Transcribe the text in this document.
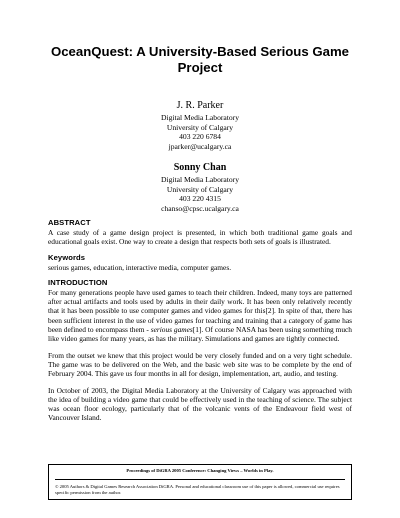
OceanQuest: A University-Based Serious Game
Project
J. R. Parker
Digital Media Laboratory
University of Calgary
403 220 6784
jparker@ucalgary.ca
Sonny Chan
Digital Media Laboratory
University of Calgary
403 220 4315
chanso@cpsc.ucalgary.ca
ABSTRACT
A case study of a game design project is presented, in which both traditional game goals and educational goals exist. One way to create a design that respects both sets of goals is illustrated.
Keywords
serious games, education, interactive media, computer games.
INTRODUCTION

For many generations people have used games to teach their children. Indeed, many toys are patterned after actual artifacts and tools used by adults in their daily work. It has been only relatively recently that it has been possible to use computer games and video games for this[2]. In spite of that, there has been sufficient interest in the use of video games for teaching and training that a category of game has been defined to encompass them - serious games[1]. Of course NASA has been using something much like video games for many years, as has the military. Simulations and games are tightly connected.

From the outset we knew that this project would be very closely funded and on a very tight schedule. The game was to be delivered on the Web, and the basic web site was to be complete by the end of February 2004. This gave us four months in all for design, implementation, art, audio, and testing.

In October of 2003, the Digital Media Laboratory at the University of Calgary was approached with the idea of building a video game that could be effectively used in the teaching of science. The subject was ocean floor ecology, particularly that of the volcanic vents of the Endeavour field west of Vancouver Island.

Proceedings of DiGRA 2005 Conference: Changing Views – Worlds in Play.
© 2005 Authors & Digital Games Research Association DiGRA. Personal and educational classroom use of this paper is allowed, commercial use requires specific permission from the author.
